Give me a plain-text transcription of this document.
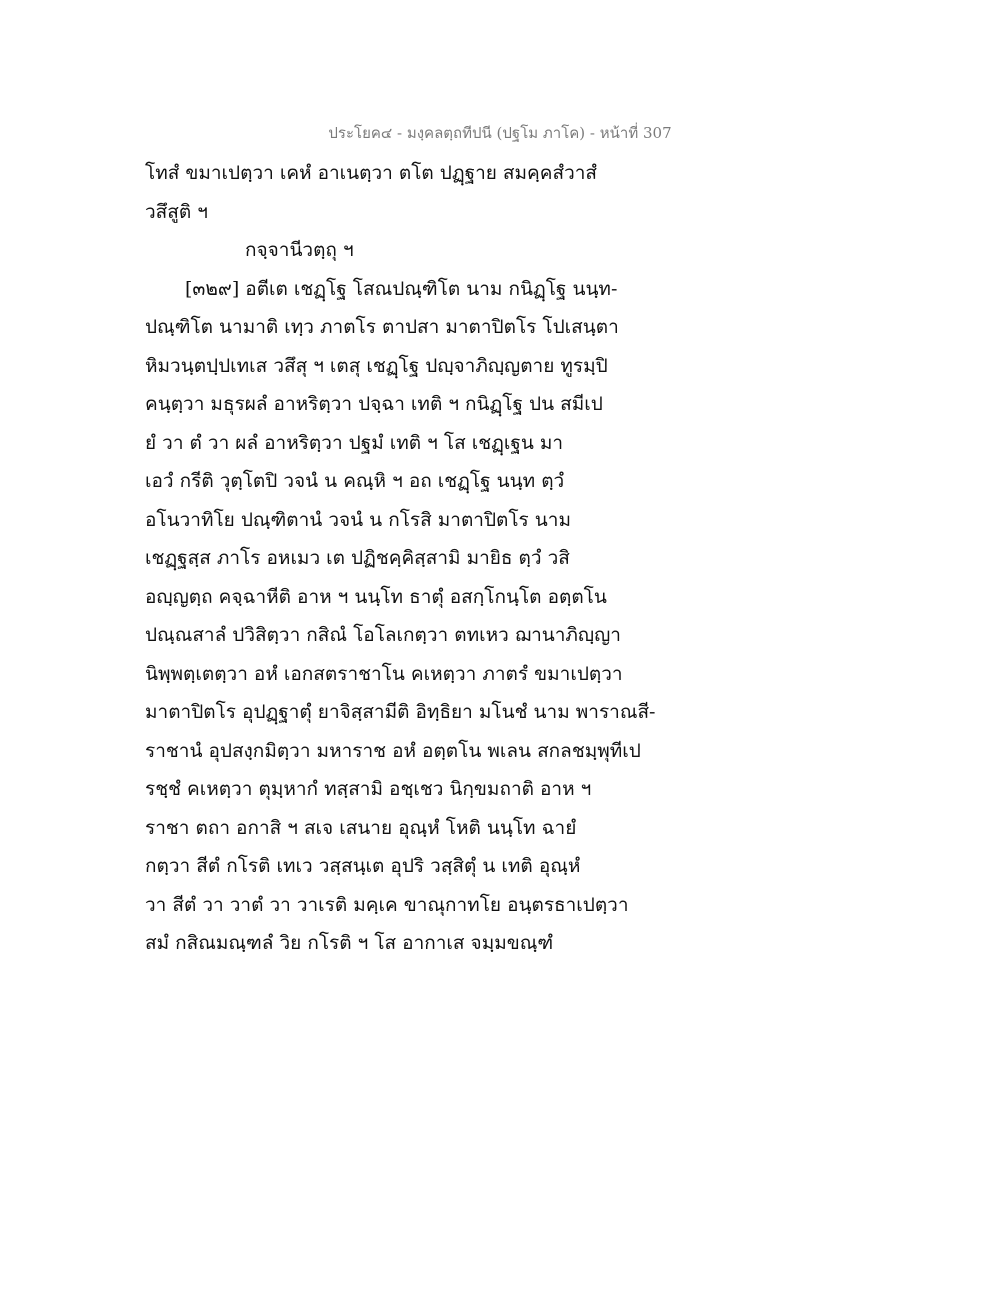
ประโยค๔ - มงฺคลตฺถทีปนี (ปฐโม ภาโค) - หน้าที่ 307
โทสํ ขมาเปตฺวา เคหํ อาเนตฺวา ตโต ปฏฺฐาย สมคฺคสํวาสํ
วสึสูติ ฯ
กจฺจานีวตฺถุ ฯ
[๓๒๙] อตีเต เชฏฺโฐ โสณปณฺฑิโต นาม กนิฏฺโฐ นนฺท-
ปณฺฑิโต นามาติ เทฺว ภาตโร ตาปสา มาตาปิตโร โปเสนฺตา
หิมวนฺตปฺปเทเส วสึสุ ฯ เตสุ เชฏฺโฐ ปญฺจาภิญฺญตาย ทูรมฺปิ
คนฺตฺวา มธุรผลํ อาหริตฺวา ปจฺฉา เทติ ฯ กนิฏฺโฐ ปน สมีเป
ยํ วา ตํ วา ผลํ อาหริตฺวา ปฐมํ เทติ ฯ โส เชฏฺเฐน มา
เอวํ กรีติ วุตฺโตปิ วจนํ น คณฺหิ ฯ อถ เชฏฺโฐ นนฺท ตฺวํ
อโนวาทิโย ปณฺฑิตานํ วจนํ น กโรสิ มาตาปิตโร นาม
เชฏฺฐสฺส ภาโร อหเมว เต ปฏิชคฺคิสฺสามิ มายิธ ตฺวํ วสิ
อญฺญตฺถ คจฺฉาหีติ อาห ฯ นนฺโท ธาตุํ อสกฺโกนฺโต อตฺตโน
ปณฺณสาลํ ปวิสิตฺวา กสิณํ โอโลเกตฺวา ตทเหว ฌานาภิญฺญา
นิพฺพตฺเตตฺวา อหํ เอกสตราชาโน คเหตฺวา ภาตรํ ขมาเปตฺวา
มาตาปิตโร อุปฏฺฐาตุํ ยาจิสฺสามีติ อิทฺธิยา มโนชํ นาม พาราณสี-
ราชานํ อุปสงฺกมิตฺวา มหาราช อหํ อตฺตโน พเลน สกลชมฺพุทีเป
รชฺชํ คเหตฺวา ตุมฺหากํ ทสฺสามิ อชฺเชว นิกฺขมถาติ อาห ฯ
ราชา ตถา อกาสิ ฯ สเจ เสนาย อุณฺหํ โหติ นนฺโท ฉายํ
กตฺวา สีตํ กโรติ เทเว วสฺสนฺเต อุปริ วสฺสิตุํ น เทติ อุณฺหํ
วา สีตํ วา วาตํ วา วาเรติ มคฺเค ขาณุกาทโย อนฺตรธาเปตฺวา
สมํ กสิณมณฺฑลํ วิย กโรติ ฯ โส อากาเส จมฺมขณฺฑํ
